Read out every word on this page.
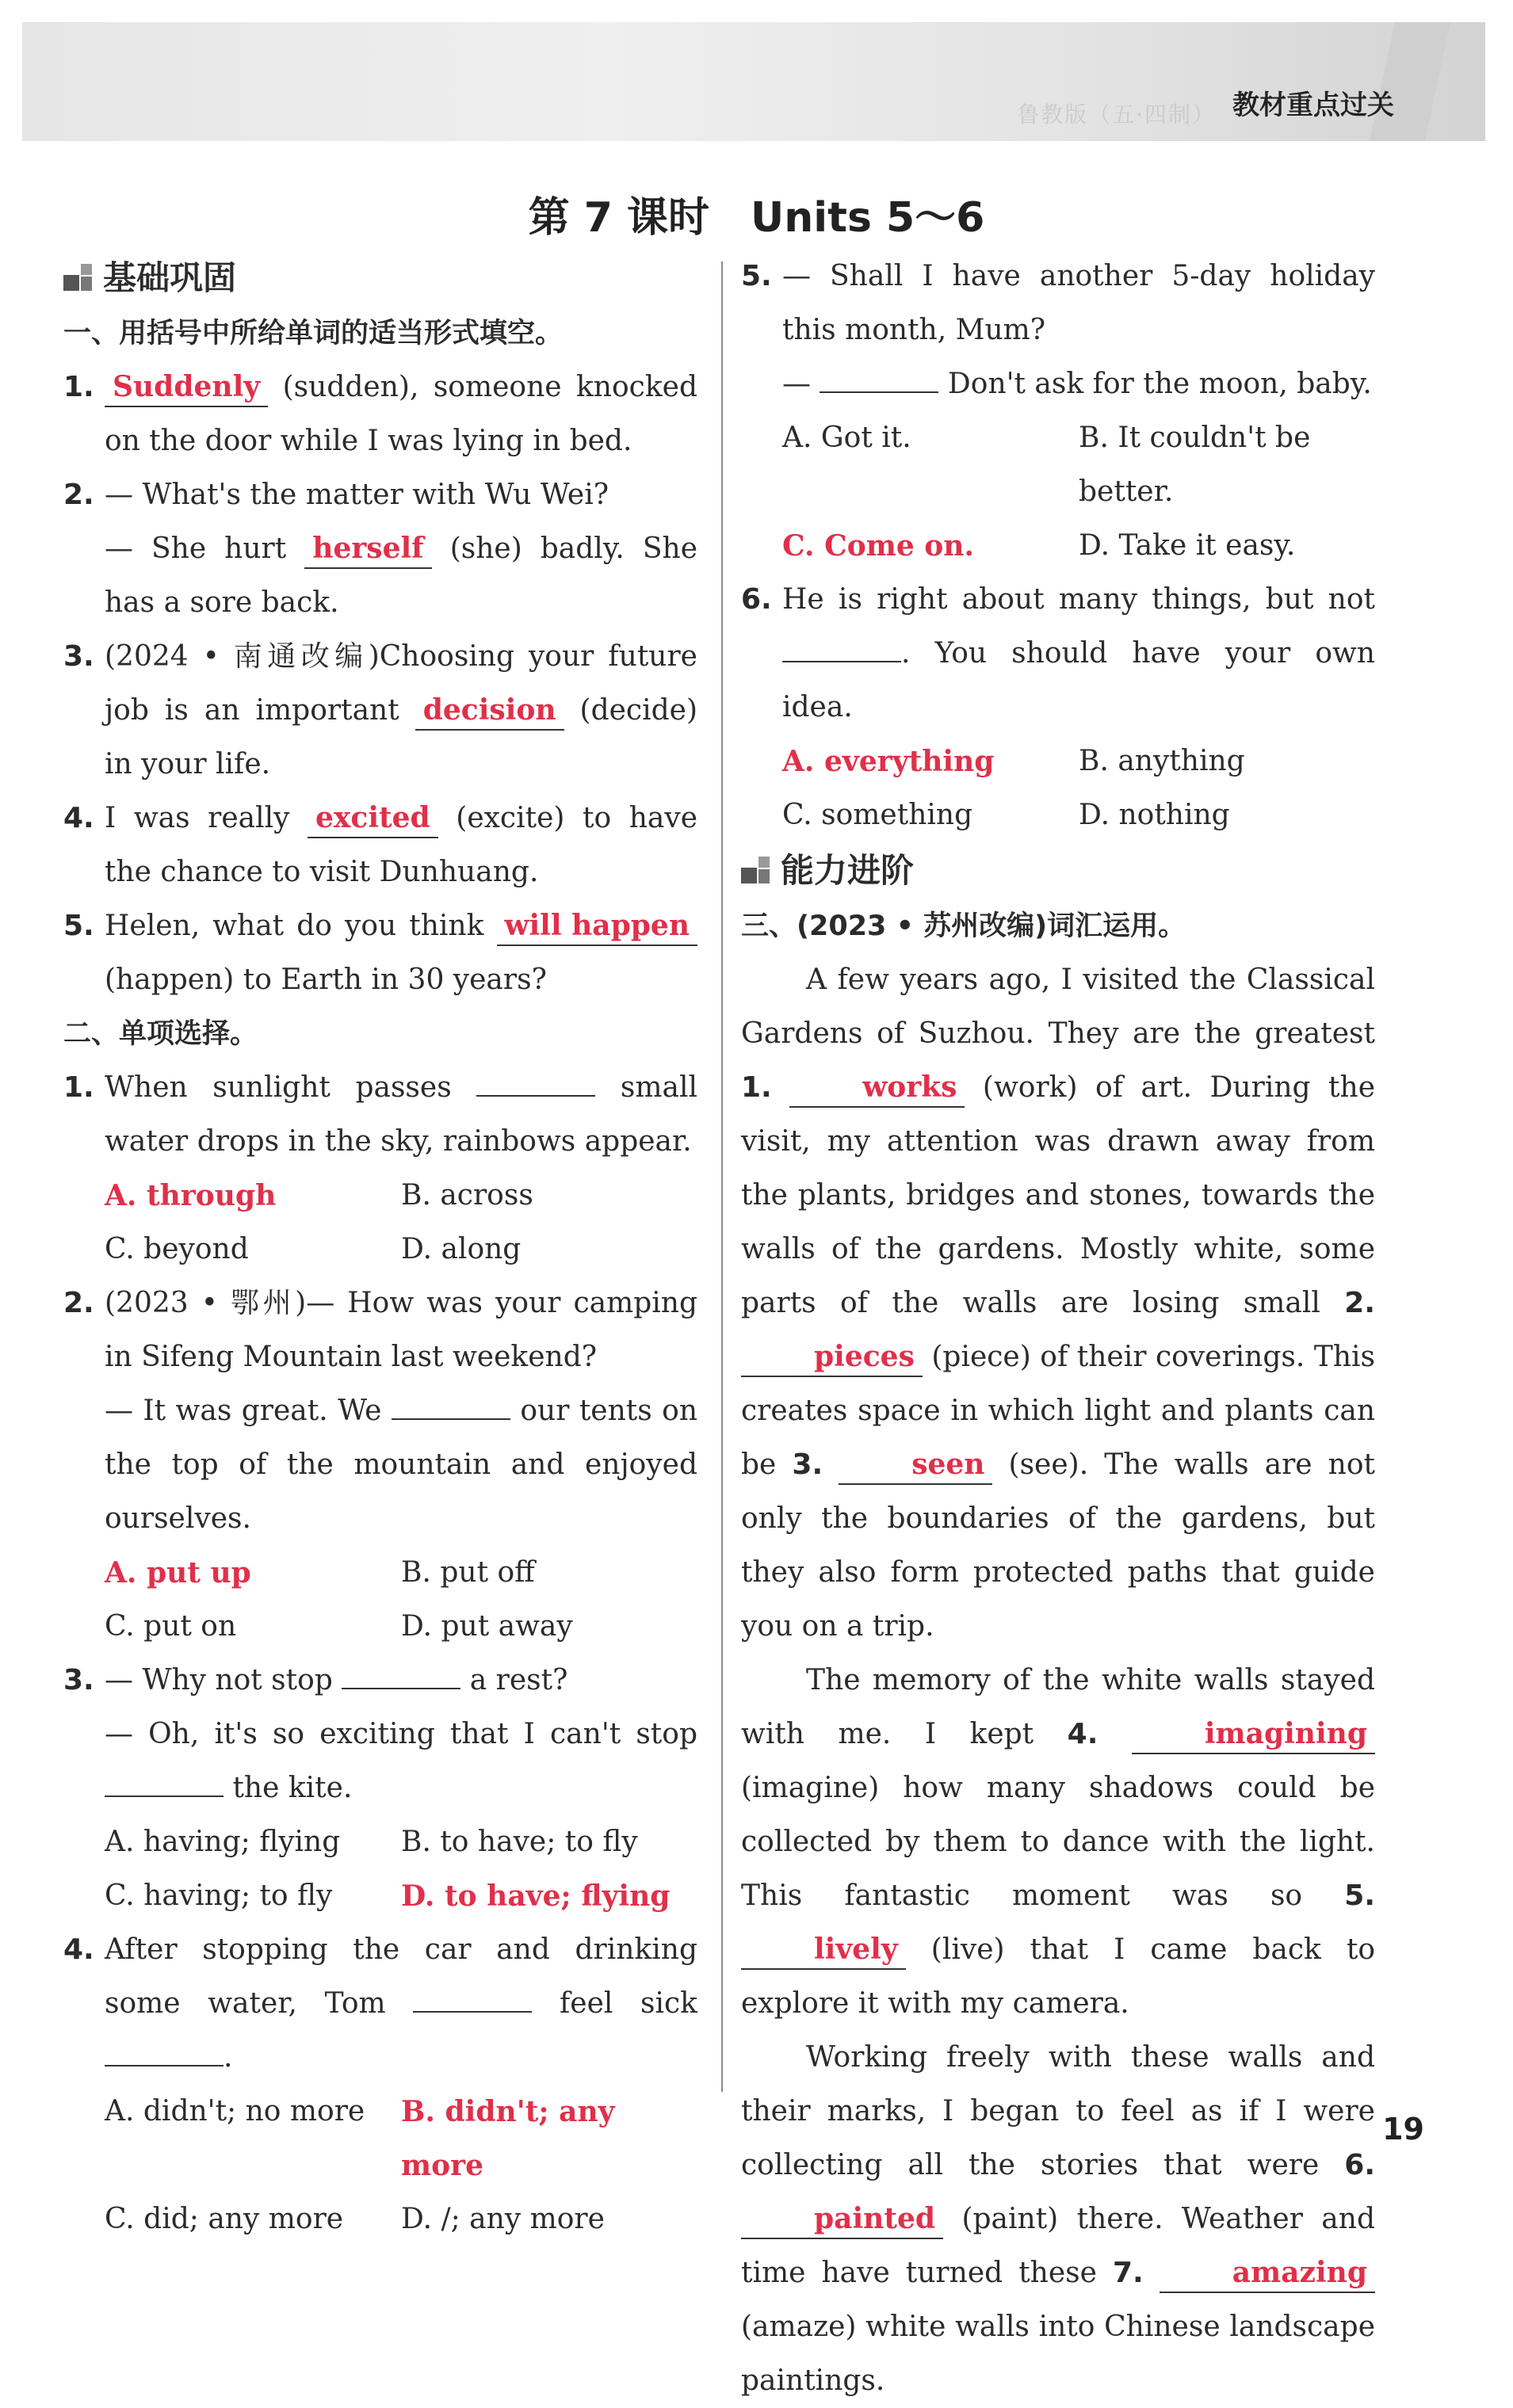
鲁教版（五·四制） 教材重点过关
第 7 课时　Units 5～6
基础巩固
一、用括号中所给单词的适当形式填空。
1. Suddenly (sudden), someone knocked on the door while I was lying in bed.
2. — What's the matter with Wu Wei?
— She hurt herself (she) badly. She has a sore back.
3. (2024 • 南通改编)Choosing your future job is an important decision (decide) in your life.
4. I was really excited (excite) to have the chance to visit Dunhuang.
5. Helen, what do you think will happen (happen) to Earth in 30 years?
二、单项选择。
1. When sunlight passes	small water drops in the sky, rainbows appear.
A. through	B. across
C. beyond	D. along
2. (2023 • 鄂州)— How was your camping in Sifeng Mountain last weekend?
— It was great. We	our tents on the top of the mountain and enjoyed ourselves.
A. put up	B. put off
C. put on	D. put away
3. — Why not stop	a rest?
— Oh, it's so exciting that I can't stop  the kite.
A. having; flying	B. to have; to fly
C. having; to fly	D. to have; flying
4. After stopping the car and drinking some water, Tom	feel sick .
A. didn't; no more	B. didn't; any more
C. did; any more	D. /; any more
5. — Shall I have another 5-day holiday this month, Mum?
—	Don't ask for the moon, baby.
A. Got it.	B. It couldn't be better.
C. Come on.	D. Take it easy.
6. He is right about many things, but not . You should have your own idea.
A. everything	B. anything
C. something	D. nothing
能力进阶
三、(2023 • 苏州改编)词汇运用。
A few years ago, I visited the Classical Gardens of Suzhou. They are the greatest 1.	works (work) of art. During the visit, my attention was drawn away from the plants, bridges and stones, towards the walls of the gardens. Mostly white, some parts of the walls are losing small 2. pieces (piece) of their coverings. This creates space in which light and plants can be 3.	seen (see). The walls are not only the boundaries of the gardens, but they also form protected paths that guide you on a trip.
The memory of the white walls stayed with me. I kept 4.	imagining (imagine) how many shadows could be collected by them to dance with the light. This fantastic moment was so 5. lively (live) that I came back to explore it with my camera.
Working freely with these walls and their marks, I began to feel as if I were collecting all the stories that were 6. painted (paint) there. Weather and time have turned these 7.	amazing (amaze) white walls into Chinese landscape paintings.
19
